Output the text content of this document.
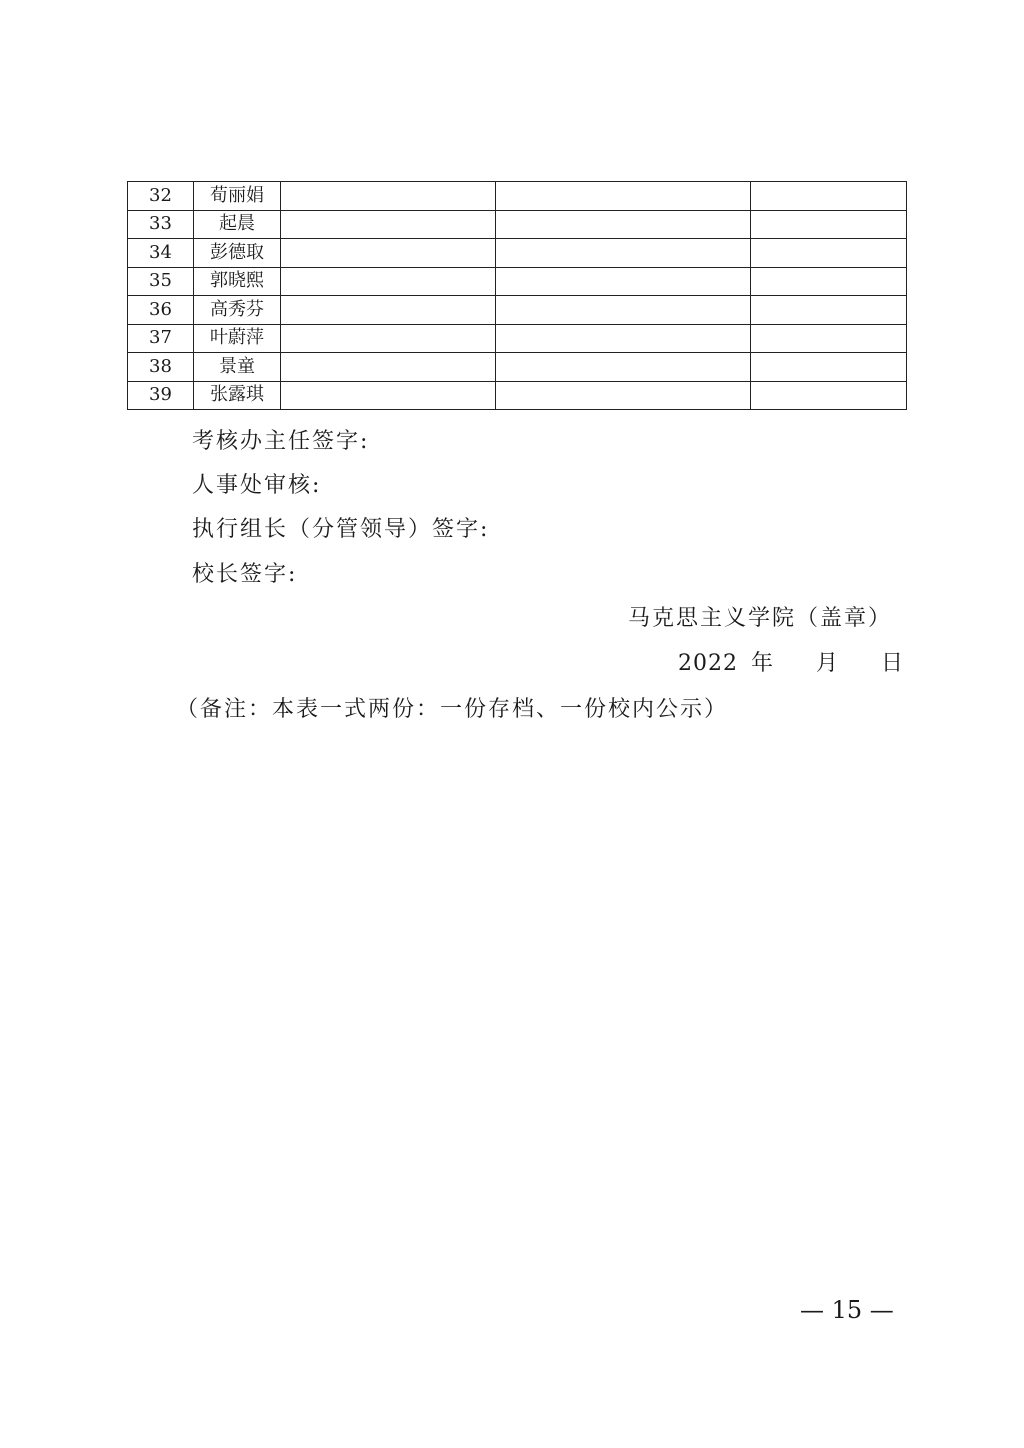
32	荀丽娟			
33	起晨			
34	彭德取			
35	郭晓熙			
36	高秀芬			
37	叶蔚萍			
38	景童			
39	张露琪			
考核办主任签字:
人事处审核:
执行组长（分管领导）签字:
校长签字:
马克思主义学院（盖章）
2022 年 月 日
（备注：本表一式两份：一份存档、一份校内公示）
— 15 —
